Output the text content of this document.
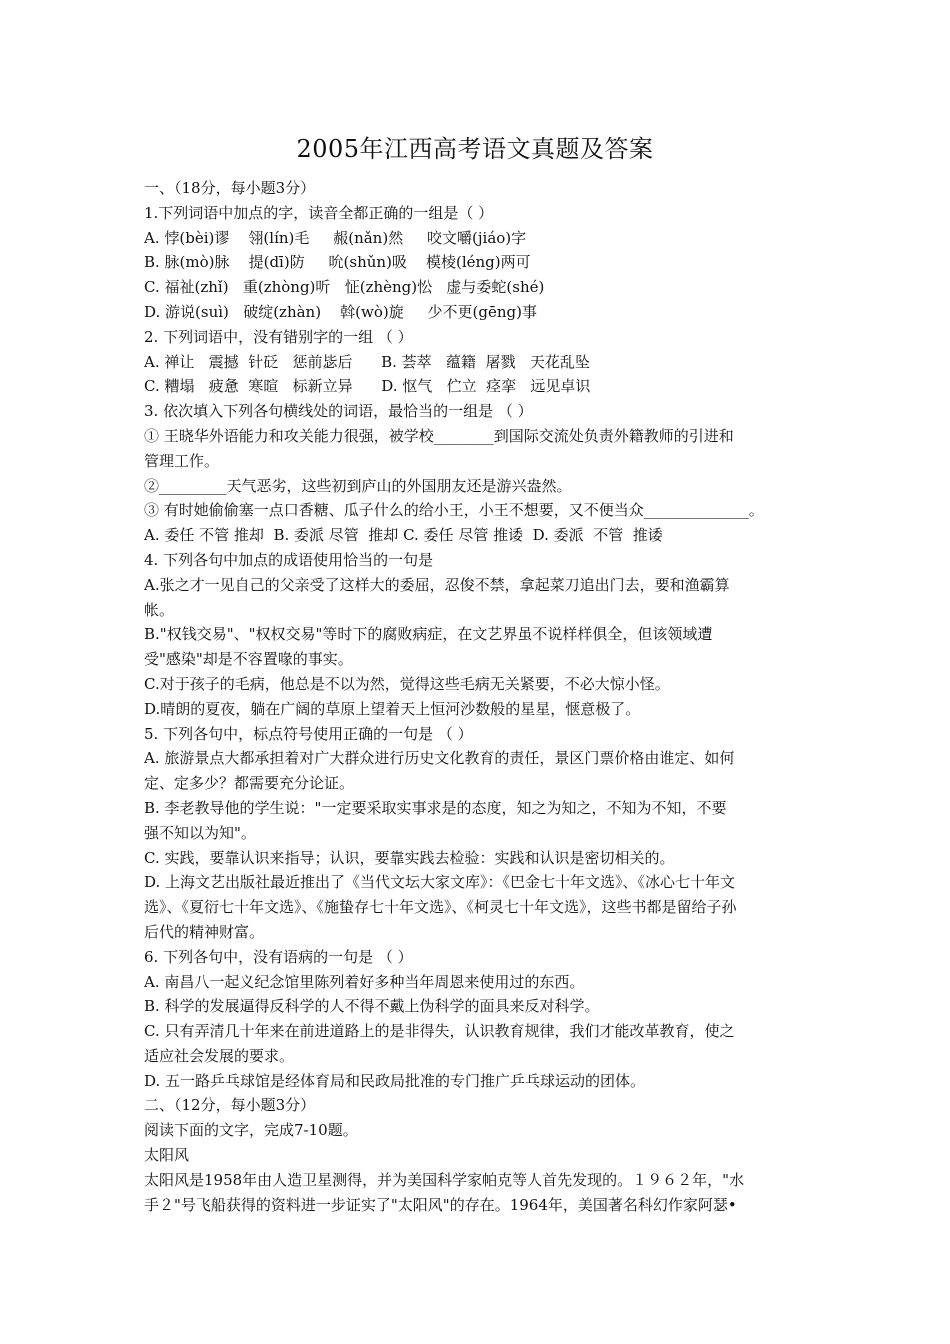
2005年江西高考语文真题及答案
一、（18分，每小题3分）
1.下列词语中加点的字，读音全都正确的一组是（ ）
A. 悖(bèi)谬    翎(lín)毛     赧(nǎn)然     咬文嚼(jiáo)字
B. 脉(mò)脉    提(dī)防     吮(shǔn)吸    模棱(léng)两可
C. 福祉(zhǐ)   重(zhòng)听   怔(zhèng)忪   虚与委蛇(shé)
D. 游说(suì)   破绽(zhàn)    斡(wò)旋     少不更(gēng)事
2. 下列词语中，没有错别字的一组 （ ）
A. 禅让   震撼  针砭   惩前毖后      B. 荟萃   蕴籍  屠戮   天花乱坠
C. 糟塌   疲惫  寒暄   标新立异      D. 怄气   伫立  痉挛   远见卓识
3. 依次填入下列各句横线处的词语，最恰当的一组是 （ ）
① 王晓华外语能力和攻关能力很强，被学校________到国际交流处负责外籍教师的引进和
管理工作。
②_________天气恶劣，这些初到庐山的外国朋友还是游兴盎然。
③ 有时她偷偷塞一点口香糖、瓜子什么的给小王，小王不想要，又不便当众______________。
A. 委任 不管 推却  B. 委派 尽管  推却 C. 委任 尽管 推诿  D. 委派  不管  推诿
4. 下列各句中加点的成语使用恰当的一句是
A.张之才一见自己的父亲受了这样大的委屈，忍俊不禁，拿起菜刀追出门去，要和渔霸算
帐。
B."权钱交易"、"权权交易"等时下的腐败病症，在文艺界虽不说样样俱全，但该领域遭
受"感染"却是不容置喙的事实。
C.对于孩子的毛病，他总是不以为然，觉得这些毛病无关紧要，不必大惊小怪。
D.晴朗的夏夜，躺在广阔的草原上望着天上恒河沙数般的星星，惬意极了。
5. 下列各句中，标点符号使用正确的一句是 （ ）
A. 旅游景点大都承担着对广大群众进行历史文化教育的责任，景区门票价格由谁定、如何
定、定多少？都需要充分论证。
B. 李老教导他的学生说："一定要采取实事求是的态度，知之为知之，不知为不知，不要
强不知以为知"。
C. 实践，要靠认识来指导；认识，要靠实践去检验：实践和认识是密切相关的。
D. 上海文艺出版社最近推出了《当代文坛大家文库》：《巴金七十年文选》、《冰心七十年文
选》、《夏衍七十年文选》、《施蛰存七十年文选》、《柯灵七十年文选》，这些书都是留给子孙
后代的精神财富。
6. 下列各句中，没有语病的一句是 （ ）
A. 南昌八一起义纪念馆里陈列着好多种当年周恩来使用过的东西。
B. 科学的发展逼得反科学的人不得不戴上伪科学的面具来反对科学。
C. 只有弄清几十年来在前进道路上的是非得失，认识教育规律，我们才能改革教育，使之
适应社会发展的要求。
D. 五一路乒乓球馆是经体育局和民政局批准的专门推广乒乓球运动的团体。
二、（12分，每小题3分）
阅读下面的文字，完成7-10题。
太阳风
太阳风是1958年由人造卫星测得，并为美国科学家帕克等人首先发现的。１９６２年，"水
手２"号飞船获得的资料进一步证实了"太阳风"的存在。1964年，美国著名科幻作家阿瑟•
